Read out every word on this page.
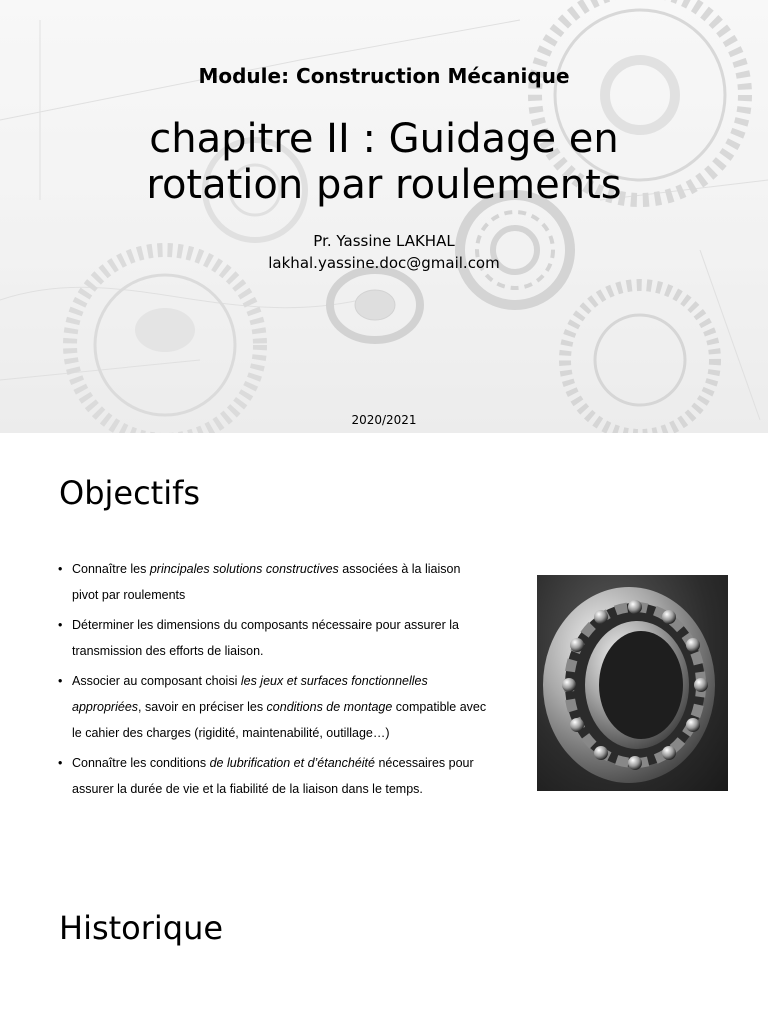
Module: Construction Mécanique
chapitre II : Guidage en
rotation par roulements
Pr. Yassine LAKHAL
lakhal.yassine.doc@gmail.com
2020/2021
Objectifs
• Connaître les principales solutions constructives associées à la liaison pivot par roulements
• Déterminer les dimensions du composants nécessaire pour assurer la transmission des efforts de liaison.
• Associer au composant choisi les jeux et surfaces fonctionnelles appropriées, savoir en préciser les conditions de montage compatible avec le cahier des charges (rigidité, maintenabilité, outillage…)
• Connaître les conditions de lubrification et d’étanchéité nécessaires pour assurer la durée de vie et la fiabilité de la liaison dans le temps.
Historique
